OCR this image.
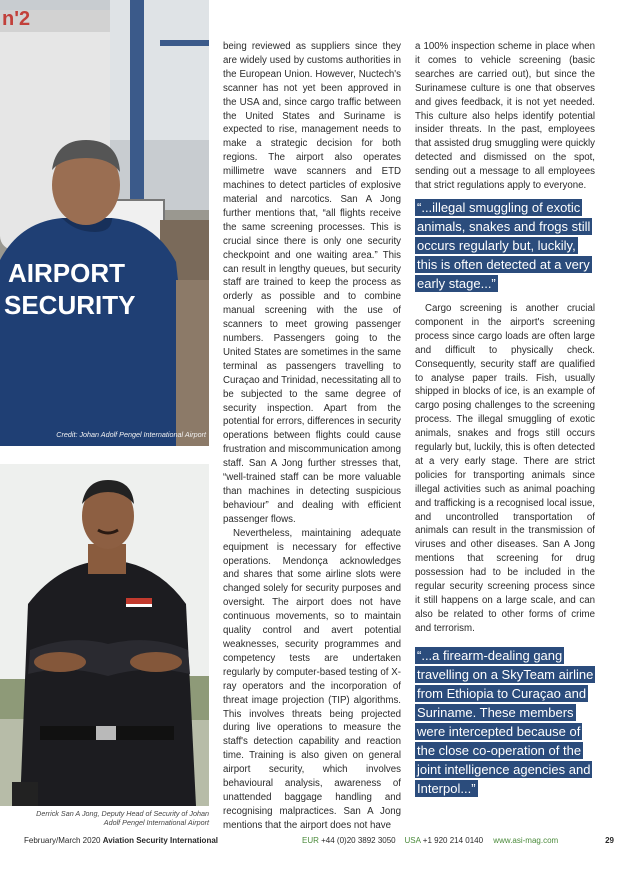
n'2
AIRPORT
SECURITY
Credit: Johan Adolf Pengel International Airport
Derrick San A Jong, Deputy Head of Security of Johan Adolf Pengel International Airport

being reviewed as suppliers since they are widely used by customs authorities in the European Union. However, Nuctech's scanner has not yet been approved in the USA and, since cargo traffic between the United States and Suriname is expected to rise, management needs to make a strategic decision for both regions. The airport also operates millimetre wave scanners and ETD machines to detect particles of explosive material and narcotics. San A Jong further mentions that, “all flights receive the same screening processes. This is crucial since there is only one security checkpoint and one waiting area.” This can result in lengthy queues, but security staff are trained to keep the process as orderly as possible and to combine manual screening with the use of scanners to meet growing passenger numbers. Passengers going to the United States are sometimes in the same terminal as passengers travelling to Curaçao and Trinidad, necessitating all to be subjected to the same degree of security inspection. Apart from the potential for errors, differences in security operations between flights could cause frustration and miscommunication among staff. San A Jong further stresses that, “well-trained staff can be more valuable than machines in detecting suspicious behaviour” and dealing with efficient passenger flows.

Nevertheless, maintaining adequate equipment is necessary for effective operations. Mendonça acknowledges and shares that some airline slots were changed solely for security purposes and oversight. The airport does not have continuous movements, so to maintain quality control and avert potential weaknesses, security programmes and competency tests are undertaken regularly by computer-based testing of X-ray operators and the incorporation of threat image projection (TIP) algorithms. This involves threats being projected during live operations to measure the staff's detection capability and reaction time. Training is also given on general airport security, which involves behavioural analysis, awareness of unattended baggage handling and recognising malpractices. San A Jong mentions that the airport does not have

a 100% inspection scheme in place when it comes to vehicle screening (basic searches are carried out), but since the Surinamese culture is one that observes and gives feedback, it is not yet needed. This culture also helps identify potential insider threats. In the past, employees that assisted drug smuggling were quickly detected and dismissed on the spot, sending out a message to all employees that strict regulations apply to everyone.

“...illegal smuggling of exotic animals, snakes and frogs still occurs regularly but, luckily, this is often detected at a very early stage...”

Cargo screening is another crucial component in the airport's screening process since cargo loads are often large and difficult to physically check. Consequently, security staff are qualified to analyse paper trails. Fish, usually shipped in blocks of ice, is an example of cargo posing challenges to the screening process. The illegal smuggling of exotic animals, snakes and frogs still occurs regularly but, luckily, this is often detected at a very early stage. There are strict policies for transporting animals since illegal activities such as animal poaching and trafficking is a recognised local issue, and uncontrolled transportation of animals can result in the transmission of viruses and other diseases. San A Jong mentions that screening for drug possession had to be included in the regular security screening process since it still happens on a large scale, and can also be related to other forms of crime and terrorism.

“...a firearm-dealing gang travelling on a SkyTeam airline from Ethiopia to Curaçao and Suriname. These members were intercepted because of the close co-operation of the joint intelligence agencies and Interpol...”
February/March 2020 Aviation Security International	EUR +44 (0)20 3892 3050 USA +1 920 214 0140 www.asi-mag.com	29
